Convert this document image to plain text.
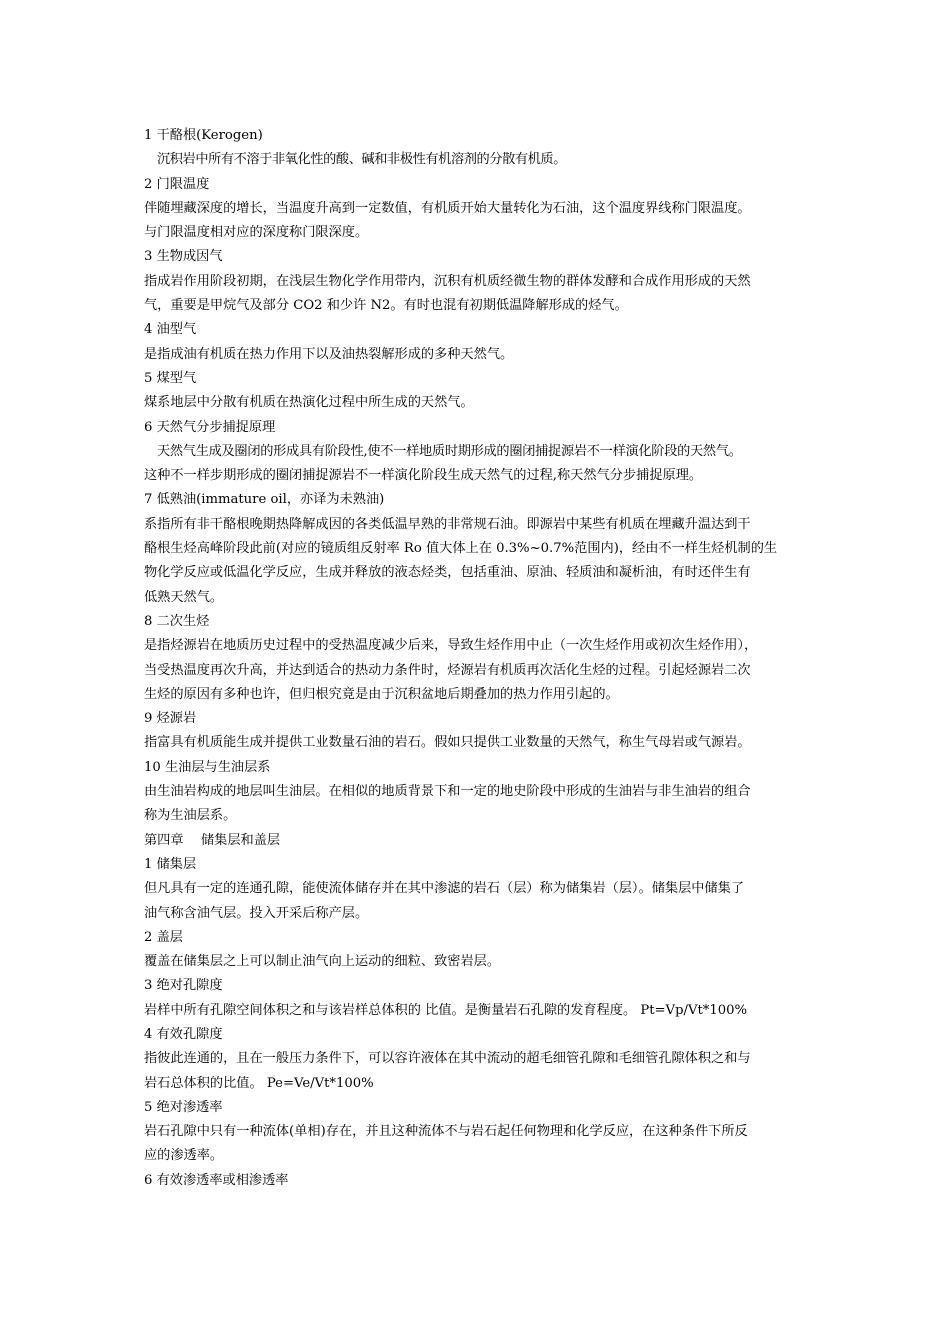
1 干酪根(Kerogen)
沉积岩中所有不溶于非氧化性的酸、碱和非极性有机溶剂的分散有机质。
2 门限温度
伴随埋藏深度的增长，当温度升高到一定数值，有机质开始大量转化为石油，这个温度界线称门限温度。
与门限温度相对应的深度称门限深度。
3 生物成因气
指成岩作用阶段初期，在浅层生物化学作用带内，沉积有机质经微生物的群体发酵和合成作用形成的天然
气，重要是甲烷气及部分 CO2 和少许 N2。有时也混有初期低温降解形成的烃气。
4 油型气
是指成油有机质在热力作用下以及油热裂解形成的多种天然气。
5 煤型气
煤系地层中分散有机质在热演化过程中所生成的天然气。
6 天然气分步捕捉原理
天然气生成及圈闭的形成具有阶段性,使不一样地质时期形成的圈闭捕捉源岩不一样演化阶段的天然气。
这种不一样步期形成的圈闭捕捉源岩不一样演化阶段生成天然气的过程,称天然气分步捕捉原理。
7 低熟油(immature oil，亦译为未熟油)
系指所有非干酪根晚期热降解成因的各类低温早熟的非常规石油。即源岩中某些有机质在埋藏升温达到干
酪根生烃高峰阶段此前(对应的镜质组反射率 Ro 值大体上在 0.3%~0.7%范围内)，经由不一样生烃机制的生
物化学反应或低温化学反应，生成并释放的液态烃类，包括重油、原油、轻质油和凝析油，有时还伴生有
低熟天然气。
8 二次生烃
是指烃源岩在地质历史过程中的受热温度减少后来，导致生烃作用中止（一次生烃作用或初次生烃作用），
当受热温度再次升高，并达到适合的热动力条件时，烃源岩有机质再次活化生烃的过程。引起烃源岩二次
生烃的原因有多种也许，但归根究竟是由于沉积盆地后期叠加的热力作用引起的。
9 烃源岩
指富具有机质能生成并提供工业数量石油的岩石。假如只提供工业数量的天然气，称生气母岩或气源岩。
10 生油层与生油层系
由生油岩构成的地层叫生油层。在相似的地质背景下和一定的地史阶段中形成的生油岩与非生油岩的组合
称为生油层系。
第四章　 储集层和盖层
1 储集层
但凡具有一定的连通孔隙，能使流体储存并在其中渗滤的岩石（层）称为储集岩（层）。储集层中储集了
油气称含油气层。投入开采后称产层。
2 盖层
覆盖在储集层之上可以制止油气向上运动的细粒、致密岩层。
3 绝对孔隙度
岩样中所有孔隙空间体积之和与该岩样总体积的 比值。是衡量岩石孔隙的发育程度。 Pt=Vp/Vt*100%
4 有效孔隙度
指彼此连通的，且在一般压力条件下，可以容许液体在其中流动的超毛细管孔隙和毛细管孔隙体积之和与
岩石总体积的比值。 Pe=Ve/Vt*100%
5 绝对渗透率
岩石孔隙中只有一种流体(单相)存在，并且这种流体不与岩石起任何物理和化学反应，在这种条件下所反
应的渗透率。
6 有效渗透率或相渗透率
